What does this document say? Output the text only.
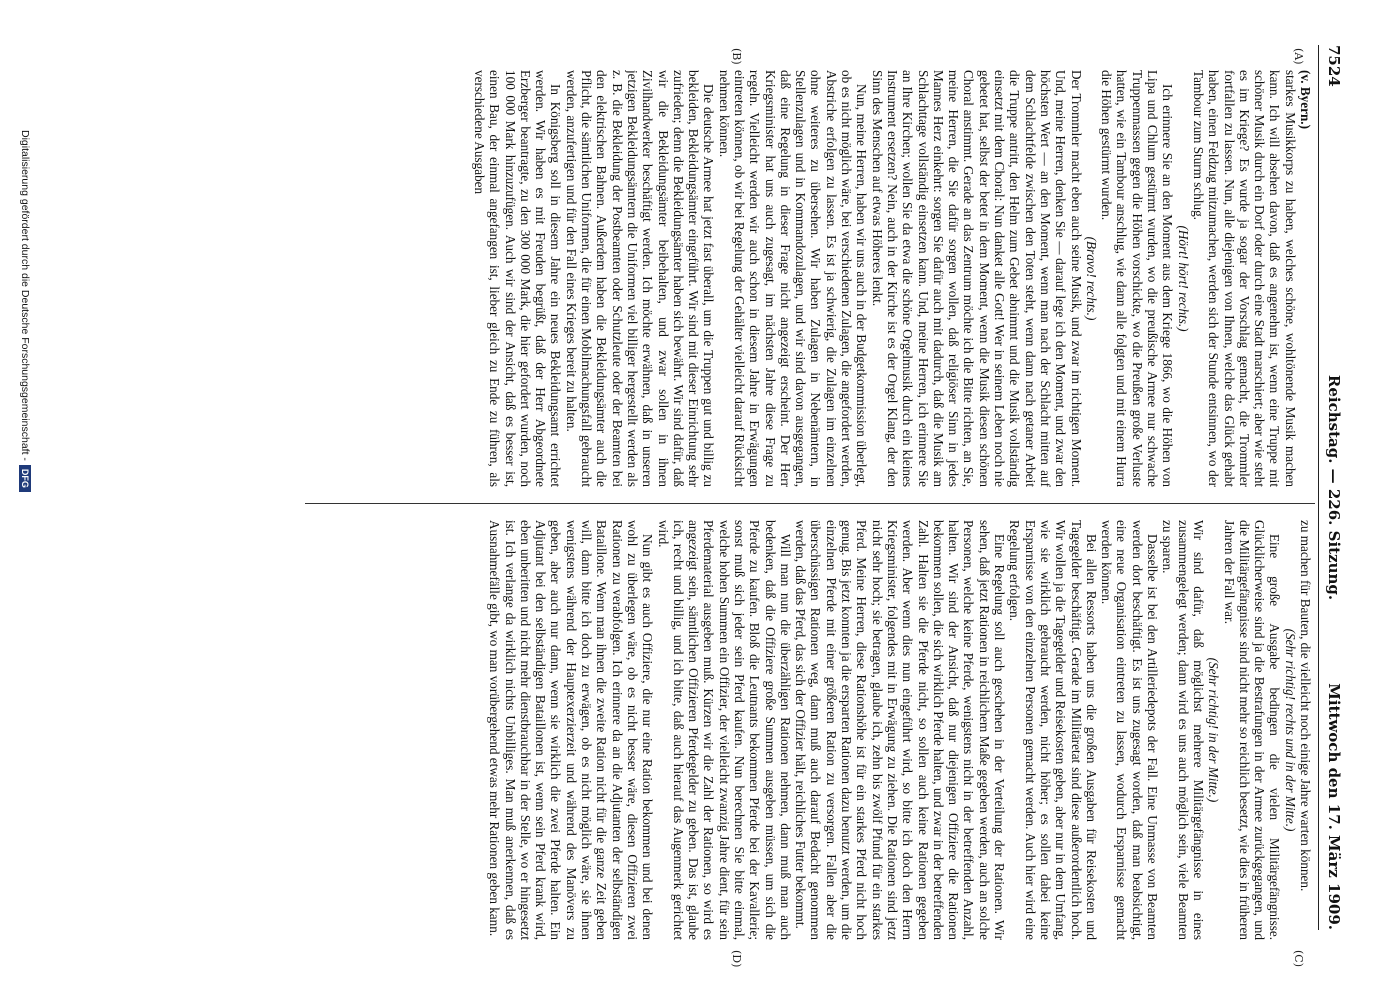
7524
Reichstag. — 226. Sitzung.
Mittwoch den 17. März 1909.
(A)
(B)
(C)
(D)

(v. Byern.)

starkes Musikkorps zu haben, welches schöne, wohltönende Musik machen kann. Ich will absehen davon, daß es angenehm ist, wenn eine Truppe mit schöner Musik durch ein Dorf oder durch eine Stadt marschiert; aber wie steht es im Kriege? Es wurde ja sogar der Vorschlag gemacht, die Trommler fortfallen zu lassen. Nun, alle diejenigen von Ihnen, welche das Glück gehabt haben, einen Feldzug mitzumachen, werden sich der Stunde entsinnen, wo der Tambour zum Sturm schlug.

(Hört! hört! rechts.)

Ich erinnere Sie an den Moment aus dem Kriege 1866, wo die Höhen von Lipa und Chlum gestürmt wurden, wo die preußische Armee nur schwache Truppenmassen gegen die Höhen vorschickte, wo die Preußen große Verluste hatten, wie ein Tambour anschlug, wie dann alle folgten und mit einem Hurra die Höhen gestürmt wurden.

(Bravo! rechts.)

Der Trommler macht eben auch seine Musik, und zwar im richtigen Moment. Und, meine Herren, denken Sie — darauf lege ich den Moment, und zwar den höchsten Wert — an den Moment, wenn man nach der Schlacht mitten auf dem Schlachtfelde zwischen den Toten steht, wenn dann nach getaner Arbeit die Truppe antritt, den Helm zum Gebet abnimmt und die Musik vollständig einsetzt mit dem Choral: Nun danket alle Gott! Wer in seinem Leben noch nie gebetet hat, selbst der betet in dem Moment, wenn die Musik diesen schönen Choral anstimmt. Gerade an das Zentrum möchte ich die Bitte richten, an Sie, meine Herren, die Sie dafür sorgen wollen, daß religiöser Sinn in jedes Mannes Herz einkehrt: sorgen Sie dafür auch mit dadurch, daß die Musik am Schlachttage vollständig einsetzen kann. Und, meine Herren, ich erinnere Sie an Ihre Kirchen; wollen Sie da etwa die schöne Orgelmusik durch ein kleines Instrument ersetzen? Nein, auch in der Kirche ist es der Orgel Klang, der den Sinn des Menschen auf etwas Höheres lenkt.

Nun, meine Herren, haben wir uns auch in der Budgetkommission überlegt, ob es nicht möglich wäre, bei verschiedenen Zulagen, die angefordert werden, Abstriche erfolgen zu lassen. Es ist ja schwierig, die Zulagen im einzelnen ohne weiteres zu übersehen. Wir haben Zulagen in Nebenämtern, in Stellenzulagen und in Kommandozulagen, und wir sind davon ausgegangen, daß eine Regelung in dieser Frage nicht angezeigt erscheint. Der Herr Kriegsminister hat uns auch zugesagt, im nächsten Jahre diese Frage zu regeln. Vielleicht werden wir auch schon in diesem Jahre in Erwägungen eintreten können, ob wir bei Regelung der Gehälter vielleicht darauf Rücksicht nehmen können.

Die deutsche Armee hat jetzt fast überall, um die Truppen gut und billig zu bekleiden, Bekleidungsämter eingeführt. Wir sind mit dieser Einrichtung sehr zufrieden; denn die Bekleidungsämter haben sich bewährt. Wir sind dafür, daß wir die Bekleidungsämter beibehalten, und zwar sollen in ihnen Zivilhandwerker beschäftigt werden. Ich möchte erwähnen, daß in unseren jetzigen Bekleidungsämtern die Uniformen viel billiger hergestellt werden als z. B. die Bekleidung der Postbeamten oder Schutzleute oder der Beamten bei den elektrischen Bahnen. Außerdem haben die Bekleidungsämter auch die Pflicht, die sämtlichen Uniformen, die für einen Mobilmachungsfall gebraucht werden, anzufertigen und für den Fall eines Krieges bereit zu halten.

In Königsberg soll in diesem Jahre ein neues Bekleidungsamt errichtet werden. Wir haben es mit Freuden begrüßt, daß der Herr Abgeordnete Erzberger beantragte, zu den 300 000 Mark, die hier gefordert wurden, noch 100 000 Mark hinzuzufügen. Auch wir sind der Ansicht, daß es besser ist, einen Bau, der einmal angefangen ist, lieber gleich zu Ende zu führen, als verschiedene Ausgaben

zu machen für Bauten, die vielleicht noch einige Jahre warten können.

(Sehr richtig! rechts und in der Mitte.)

Eine große Ausgabe bedingen die vielen Militärgefängnisse. Glücklicherweise sind ja die Bestrafungen in der Armee zurückgegangen, und die Militärgefängnisse sind nicht mehr so reichlich besetzt, wie dies in früheren Jahren der Fall war.

(Sehr richtig! in der Mitte.)

Wir sind dafür, daß möglichst mehrere Militärgefängnisse in eines zusammengelegt werden; dann wird es uns auch möglich sein, viele Beamten zu sparen.

Dasselbe ist bei den Artilleriedepots der Fall. Eine Unmasse von Beamten werden dort beschäftigt. Es ist uns zugesagt worden, daß man beabsichtigt, eine neue Organisation eintreten zu lassen, wodurch Ersparnisse gemacht werden können.

Bei allen Ressorts haben uns die großen Ausgaben für Reisekosten und Tagegelder beschäftigt. Gerade im Militäretat sind diese außerordentlich hoch. Wir wollen ja die Tagegelder und Reisekosten geben, aber nur in dem Umfang, wie sie wirklich gebraucht werden, nicht höher; es sollen dabei keine Ersparnisse von den einzelnen Personen gemacht werden. Auch hier wird eine Regelung erfolgen.

Eine Regelung soll auch geschehen in der Verteilung der Rationen. Wir sehen, daß jetzt Rationen in reichlichem Maße gegeben werden, auch an solche Personen, welche keine Pferde, wenigstens nicht in der betreffenden Anzahl, halten. Wir sind der Ansicht, daß nur diejenigen Offiziere die Rationen bekommen sollen, die sich wirklich Pferde halten, und zwar in der betreffenden Zahl. Halten sie die Pferde nicht, so sollen auch keine Rationen gegeben werden. Aber wenn dies nun eingeführt wird, so bitte ich doch den Herrn Kriegsminister, folgendes mit in Erwägung zu ziehen. Die Rationen sind jetzt nicht sehr hoch; sie betragen, glaube ich, zehn bis zwölf Pfund für ein starkes Pferd. Meine Herren, diese Rationshöhe ist für ein starkes Pferd nicht hoch genug. Bis jetzt konnten ja die ersparten Rationen dazu benutzt werden, um die einzelnen Pferde mit einer größeren Ration zu versorgen. Fallen aber die überschüssigen Rationen weg, dann muß auch darauf Bedacht genommen werden, daß das Pferd, das sich der Offizier hält, reichliches Futter bekommt.

Will man nun die überzähligen Rationen nehmen, dann muß man auch bedenken, daß die Offiziere große Summen ausgeben müssen, um sich die Pferde zu kaufen. Bloß die Leutnants bekommen Pferde bei der Kavallerie; sonst muß sich jeder sein Pferd kaufen. Nun berechnen Sie bitte einmal, welche hohen Summen ein Offizier, der vielleicht zwanzig Jahre dient, für sein Pferdematerial ausgeben muß. Kürzen wir die Zahl der Rationen, so wird es angezeigt sein, sämtlichen Offizieren Pferdegelder zu geben. Das ist, glaube ich, recht und billig, und ich bitte, daß auch hierauf das Augenmerk gerichtet wird.

Nun gibt es auch Offiziere, die nur eine Ration bekommen und bei denen wohl zu überlegen wäre, ob es nicht besser wäre, diesen Offizieren zwei Rationen zu verabfolgen. Ich erinnere da an die Adjutanten der selbständigen Bataillone. Wenn man ihnen die zweite Ration nicht für die ganze Zeit geben will, dann bitte ich doch zu erwägen, ob es nicht möglich wäre, sie ihnen wenigstens während der Hauptexerzierzeit und während des Manövers zu geben, aber auch nur dann, wenn sie wirklich die zwei Pferde halten. Ein Adjutant bei den selbständigen Bataillonen ist, wenn sein Pferd krank wird, eben unberitten und nicht mehr dienstbrauchbar in der Stelle, wo er hingesetzt ist. Ich verlange da wirklich nichts Unbilliges. Man muß anerkennen, daß es Ausnahmefälle gibt, wo man vorübergehend etwas mehr Rationen geben kann.

Digitalisierung gefördert durch die Deutsche Forschungsgemeinschaft -DFG
